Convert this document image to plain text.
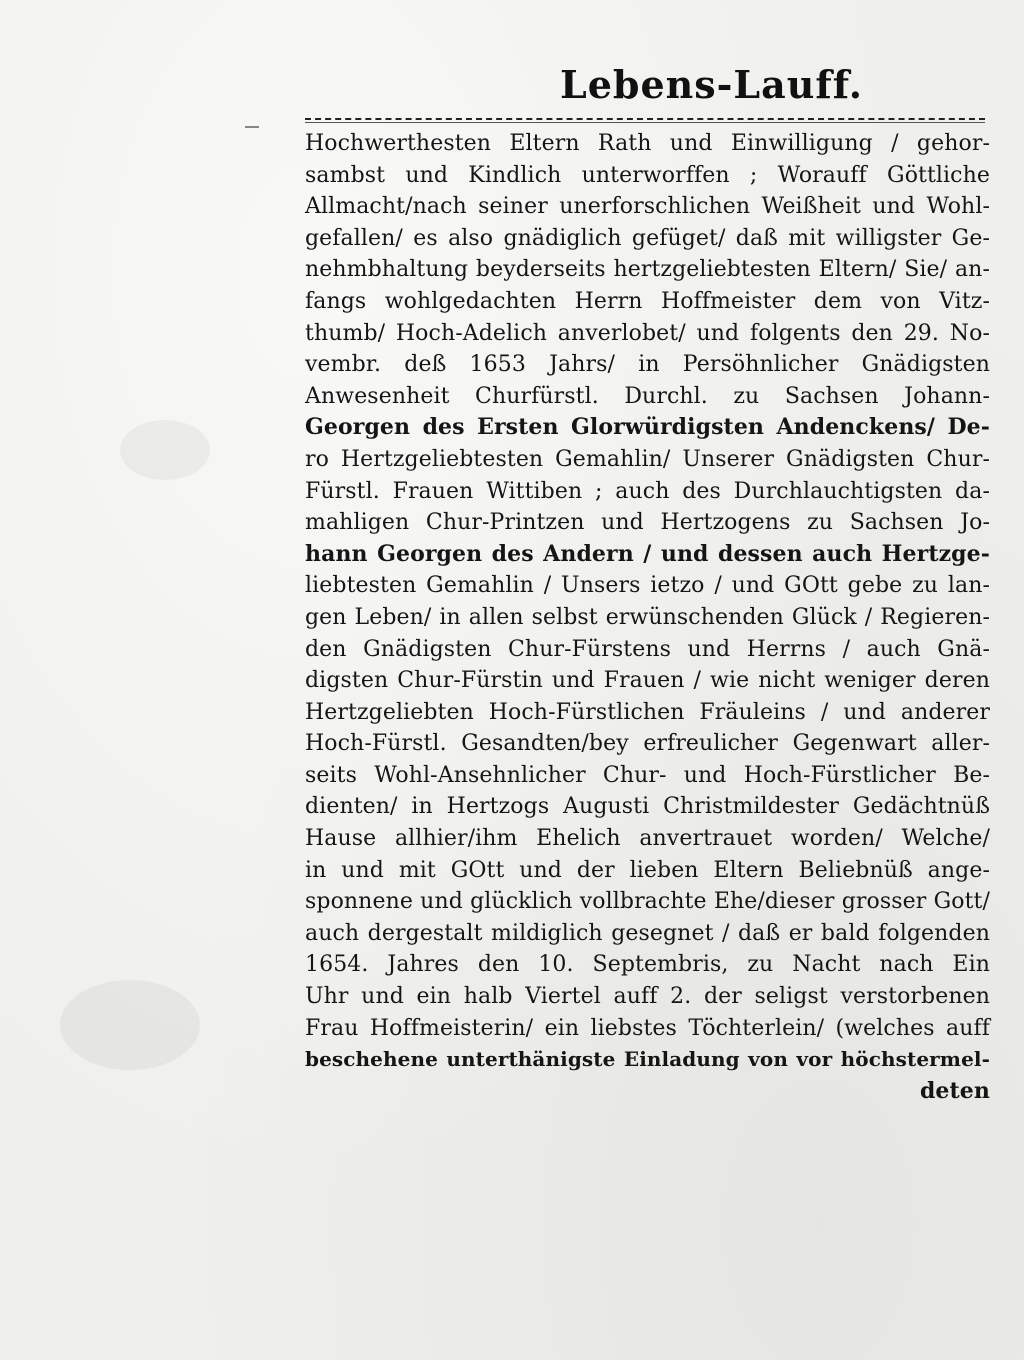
Lebens-Lauff.
Hochwerthesten Eltern Rath und Einwilligung / gehor-
sambst und Kindlich unterworffen ; Worauff Göttliche
Allmacht/nach seiner unerforschlichen Weißheit und Wohl-
gefallen/ es also gnädiglich gefüget/ daß mit willigster Ge-
nehmbhaltung beyderseits hertzgeliebtesten Eltern/ Sie/ an-
fangs wohlgedachten Herrn Hoffmeister dem von Vitz-
thumb/ Hoch-Adelich anverlobet/ und folgents den 29. No-
vembr. deß 1653 Jahrs/ in Persöhnlicher Gnädigsten
Anwesenheit Churfürstl. Durchl. zu Sachsen Johann-
Georgen des Ersten Glorwürdigsten Andenckens/ De-
ro Hertzgeliebtesten Gemahlin/ Unserer Gnädigsten Chur-
Fürstl. Frauen Wittiben ; auch des Durchlauchtigsten da-
mahligen Chur-Printzen und Hertzogens zu Sachsen Jo-
hann Georgen des Andern / und dessen auch Hertzge-
liebtesten Gemahlin / Unsers ietzo / und GOtt gebe zu lan-
gen Leben/ in allen selbst erwünschenden Glück / Regieren-
den Gnädigsten Chur-Fürstens und Herrns / auch Gnä-
digsten Chur-Fürstin und Frauen / wie nicht weniger deren
Hertzgeliebten Hoch-Fürstlichen Fräuleins / und anderer
Hoch-Fürstl. Gesandten/bey erfreulicher Gegenwart aller-
seits Wohl-Ansehnlicher Chur- und Hoch-Fürstlicher Be-
dienten/ in Hertzogs Augusti Christmildester Gedächtnüß
Hause allhier/ihm Ehelich anvertrauet worden/ Welche/
in und mit GOtt und der lieben Eltern Beliebnüß ange-
sponnene und glücklich vollbrachte Ehe/dieser grosser Gott/
auch dergestalt mildiglich gesegnet / daß er bald folgenden
1654. Jahres den 10. Septembris, zu Nacht nach Ein
Uhr und ein halb Viertel auff 2. der seligst verstorbenen
Frau Hoffmeisterin/ ein liebstes Töchterlein/ (welches auff
beschehene unterthänigste Einladung von vor höchstermel-
deten
